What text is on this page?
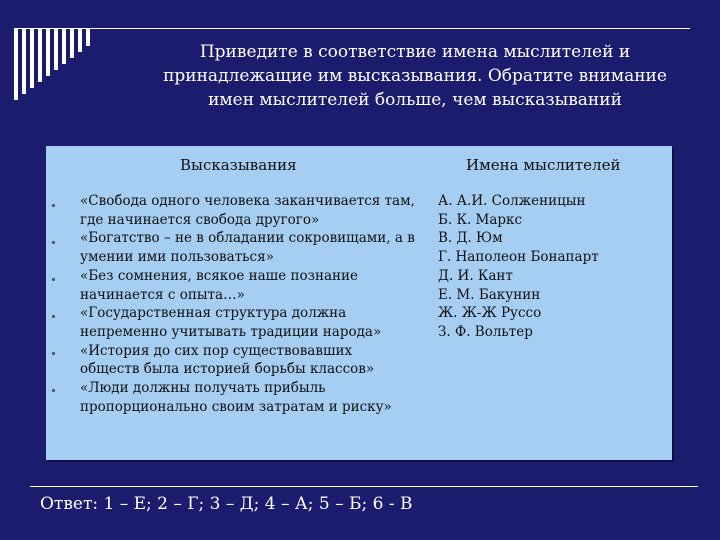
Приведите в соответствие имена мыслителей и
принадлежащие им высказывания. Обратите внимание
имен мыслителей больше, чем высказываний
Высказывания	Имена мыслителей
«Свобода одного человека заканчивается там,
где начинается свобода другого»
«Богатство – не в обладании сокровищами, а в
умении ими пользоваться»
«Без сомнения, всякое наше познание
начинается с опыта…»
«Государственная структура должна
непременно учитывать традиции народа»
«История до сих пор существовавших
обществ была историей борьбы классов»
«Люди должны получать прибыль
пропорционально своим затратам и риску»
А. А.И. Солженицын
Б. К. Маркс
В. Д. Юм
Г. Наполеон Бонапарт
Д. И. Кант
Е. М. Бакунин
Ж. Ж-Ж Руссо
З. Ф. Вольтер
Ответ: 1 – Е; 2 – Г; 3 – Д; 4 – А; 5 – Б; 6 - В
